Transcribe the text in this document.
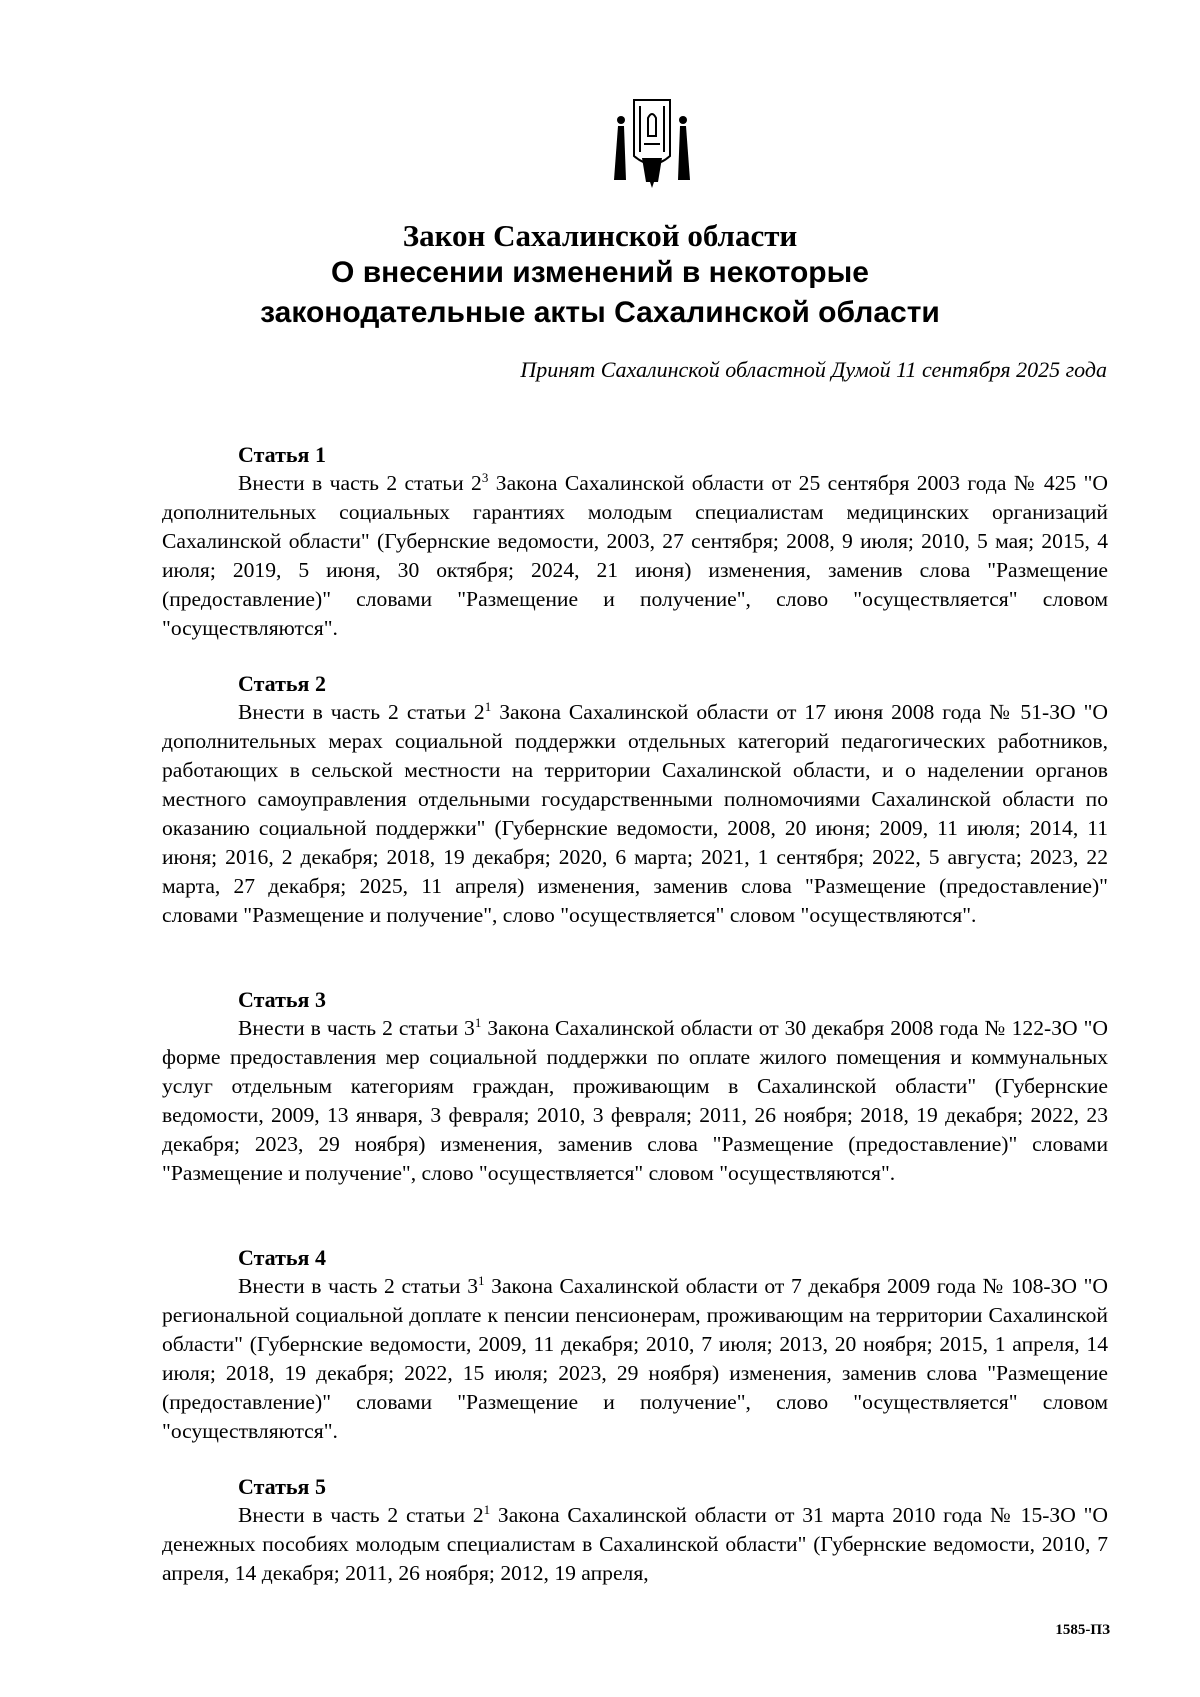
Закон Сахалинской области
О внесении изменений в некоторые
законодательные акты Сахалинской области
Принят Сахалинской областной Думой 11 сентября 2025 года
Статья 1

Внести в часть 2 статьи $2^3$ Закона Сахалинской области от 25 сентября 2003 года № 425 "О дополнительных социальных гарантиях молодым специалистам медицинских организаций Сахалинской области" (Губернские ведомости, 2003, 27 сентября; 2008, 9 июля; 2010, 5 мая; 2015, 4 июля; 2019, 5 июня, 30 октября; 2024, 21 июня) изменения, заменив слова "Размещение (предоставление)" словами "Размещение и получение", слово "осуществляется" словом "осуществляются".

Статья 2

Внести в часть 2 статьи $2^1$ Закона Сахалинской области от 17 июня 2008 года № 51-ЗО "О дополнительных мерах социальной поддержки отдельных категорий педагогических работников, работающих в сельской местности на территории Сахалинской области, и о наделении органов местного самоуправления отдельными государственными полномочиями Сахалинской области по оказанию социальной поддержки" (Губернские ведомости, 2008, 20 июня; 2009, 11 июля; 2014, 11 июня; 2016, 2 декабря; 2018, 19 декабря; 2020, 6 марта; 2021, 1 сентября; 2022, 5 августа; 2023, 22 марта, 27 декабря; 2025, 11 апреля) изменения, заменив слова "Размещение (предоставление)" словами "Размещение и получение", слово "осуществляется" словом "осуществляются".

Статья 3

Внести в часть 2 статьи $3^1$ Закона Сахалинской области от 30 декабря 2008 года № 122-ЗО "О форме предоставления мер социальной поддержки по оплате жилого помещения и коммунальных услуг отдельным категориям граждан, проживающим в Сахалинской области" (Губернские ведомости, 2009, 13 января, 3 февраля; 2010, 3 февраля; 2011, 26 ноября; 2018, 19 декабря; 2022, 23 декабря; 2023, 29 ноября) изменения, заменив слова "Размещение (предоставление)" словами "Размещение и получение", слово "осуществляется" словом "осуществляются".

Статья 4

Внести в часть 2 статьи $3^1$ Закона Сахалинской области от 7 декабря 2009 года № 108-ЗО "О региональной социальной доплате к пенсии пенсионерам, проживающим на территории Сахалинской области" (Губернские ведомости, 2009, 11 декабря; 2010, 7 июля; 2013, 20 ноября; 2015, 1 апреля, 14 июля; 2018, 19 декабря; 2022, 15 июля; 2023, 29 ноября) изменения, заменив слова "Размещение (предоставление)" словами "Размещение и получение", слово "осуществляется" словом "осуществляются".

Статья 5

Внести в часть 2 статьи $2^1$ Закона Сахалинской области от 31 марта 2010 года № 15-ЗО "О денежных пособиях молодым специалистам в Сахалинской области" (Губернские ведомости, 2010, 7 апреля, 14 декабря; 2011, 26 ноября; 2012, 19 апреля,

1585-ПЗ
